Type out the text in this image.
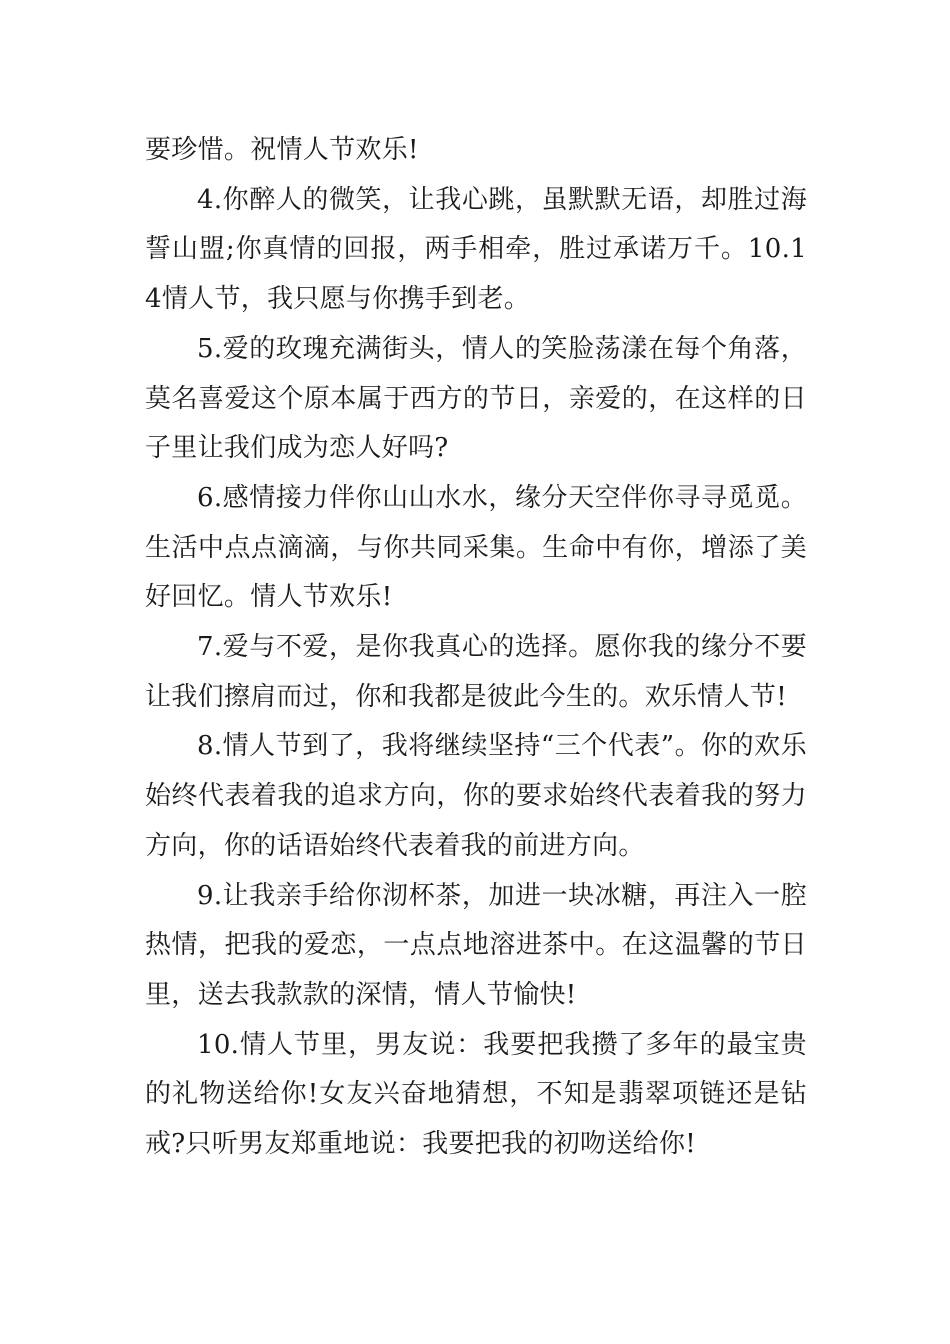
要珍惜。祝情人节欢乐!

4.你醉人的微笑，让我心跳，虽默默无语，却胜过海誓山盟;你真情的回报，两手相牵，胜过承诺万千。10.14情人节，我只愿与你携手到老。

5.爱的玫瑰充满街头，情人的笑脸荡漾在每个角落，莫名喜爱这个原本属于西方的节日，亲爱的，在这样的日子里让我们成为恋人好吗?

6.感情接力伴你山山水水，缘分天空伴你寻寻觅觅。生活中点点滴滴，与你共同采集。生命中有你，增添了美好回忆。情人节欢乐!

7.爱与不爱，是你我真心的选择。愿你我的缘分不要让我们擦肩而过，你和我都是彼此今生的。欢乐情人节!

8.情人节到了，我将继续坚持“三个代表”。你的欢乐始终代表着我的追求方向，你的要求始终代表着我的努力方向，你的话语始终代表着我的前进方向。

9.让我亲手给你沏杯茶，加进一块冰糖，再注入一腔热情，把我的爱恋，一点点地溶进茶中。在这温馨的节日里，送去我款款的深情，情人节愉快!

10.情人节里，男友说：我要把我攒了多年的最宝贵的礼物送给你!女友兴奋地猜想，不知是翡翠项链还是钻戒?只听男友郑重地说：我要把我的初吻送给你!
